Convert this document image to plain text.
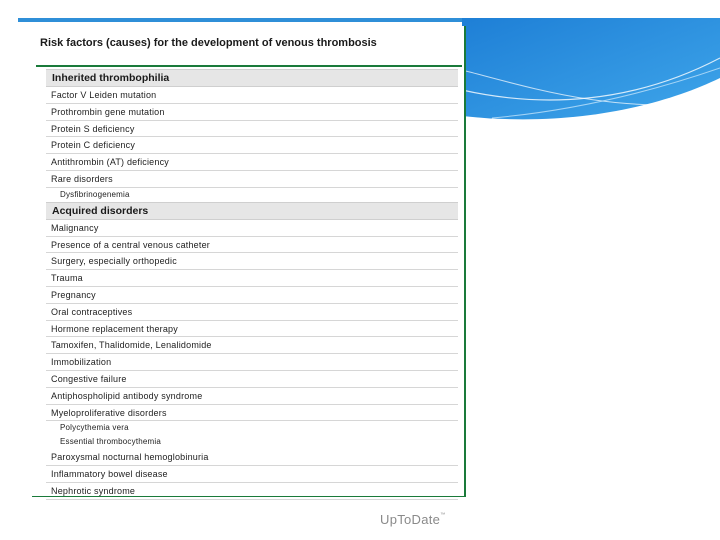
Risk factors (causes) for the development of venous thrombosis
Inherited thrombophilia
Factor V Leiden mutation
Prothrombin gene mutation
Protein S deficiency
Protein C deficiency
Antithrombin (AT) deficiency
Rare disorders
Dysfibrinogenemia
Acquired disorders
Malignancy
Presence of a central venous catheter
Surgery, especially orthopedic
Trauma
Pregnancy
Oral contraceptives
Hormone replacement therapy
Tamoxifen, Thalidomide, Lenalidomide
Immobilization
Congestive failure
Antiphospholipid antibody syndrome
Myeloproliferative disorders
Polycythemia vera
Essential thrombocythemia
Paroxysmal nocturnal hemoglobinuria
Inflammatory bowel disease
Nephrotic syndrome
UpToDate™
